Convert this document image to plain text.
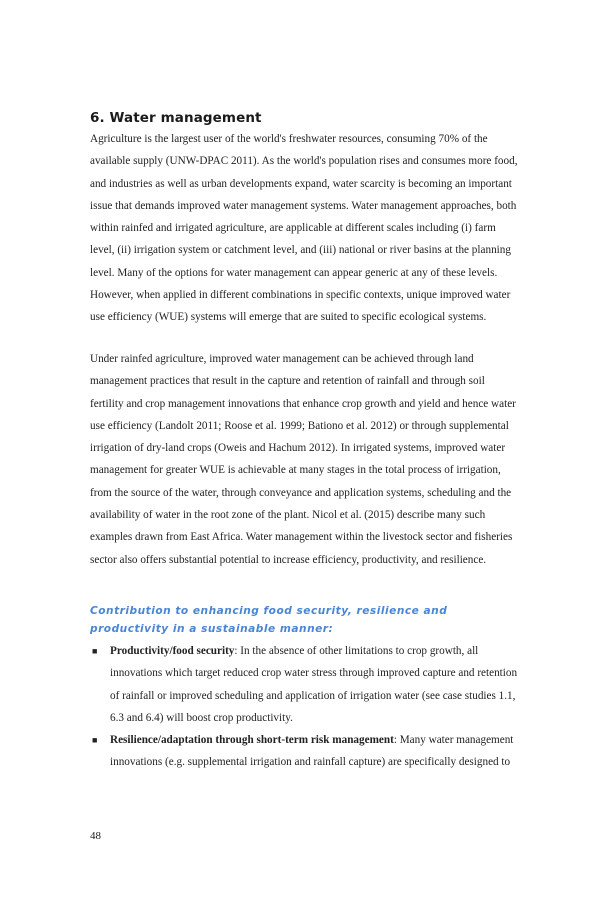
6. Water management

Agriculture is the largest user of the world's freshwater resources, consuming 70% of the available supply (UNW-DPAC 2011). As the world's population rises and consumes more food, and industries as well as urban developments expand, water scarcity is becoming an important issue that demands improved water management systems. Water management approaches, both within rainfed and irrigated agriculture, are applicable at different scales including (i) farm level, (ii) irrigation system or catchment level, and (iii) national or river basins at the planning level. Many of the options for water management can appear generic at any of these levels. However, when applied in different combinations in specific contexts, unique improved water use efficiency (WUE) systems will emerge that are suited to specific ecological systems.

Under rainfed agriculture, improved water management can be achieved through land management practices that result in the capture and retention of rainfall and through soil fertility and crop management innovations that enhance crop growth and yield and hence water use efficiency (Landolt 2011; Roose et al. 1999; Bationo et al. 2012) or through supplemental irrigation of dry-land crops (Oweis and Hachum 2012). In irrigated systems, improved water management for greater WUE is achievable at many stages in the total process of irrigation, from the source of the water, through conveyance and application systems, scheduling and the availability of water in the root zone of the plant. Nicol et al. (2015) describe many such examples drawn from East Africa. Water management within the livestock sector and fisheries sector also offers substantial potential to increase efficiency, productivity, and resilience.

Contribution to enhancing food security, resilience and productivity in a sustainable manner:
■ Productivity/food security: In the absence of other limitations to crop growth, all innovations which target reduced crop water stress through improved capture and retention of rainfall or improved scheduling and application of irrigation water (see case studies 1.1, 6.3 and 6.4) will boost crop productivity.
■ Resilience/adaptation through short-term risk management: Many water management innovations (e.g. supplemental irrigation and rainfall capture) are specifically designed to
48
